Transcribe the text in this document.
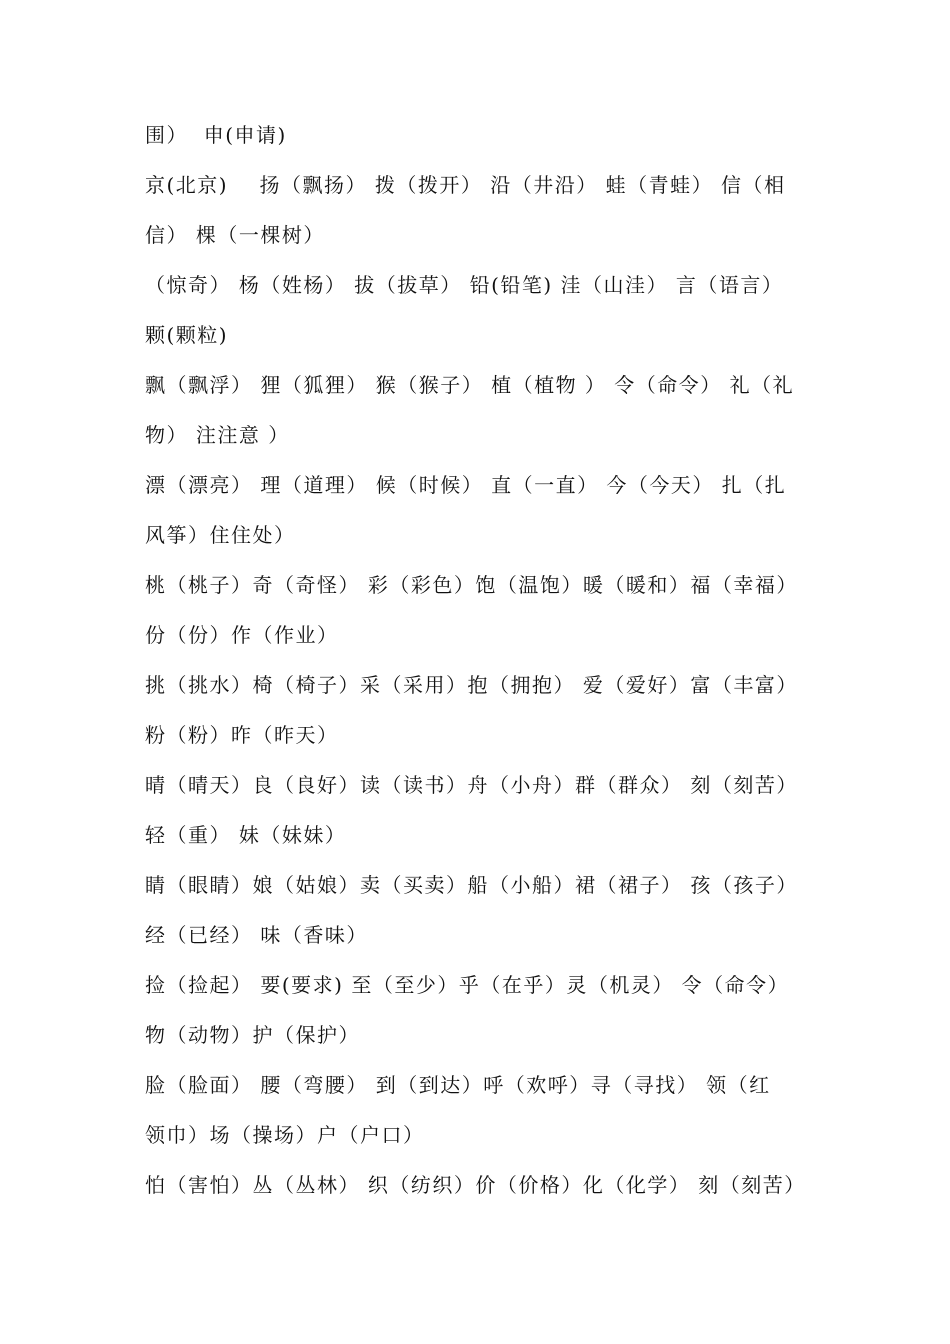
围）  申(申请)

京(北京)    扬（飘扬） 拨（拨开） 沿（井沿） 蛙（青蛙） 信（相

信） 棵（一棵树）

（惊奇） 杨（姓杨） 拔（拔草） 铅(铅笔) 洼（山洼） 言（语言）

颗(颗粒)

飘（飘浮） 狸（狐狸） 猴（猴子） 植（植物 ） 令（命令） 礼（礼

物） 注注意 ）

漂（漂亮） 理（道理） 候（时候） 直（一直） 今（今天） 扎（扎

风筝）住住处）

桃（桃子）奇（奇怪） 彩（彩色）饱（温饱）暖（暖和）福（幸福）

份（份）作（作业）

挑（挑水）椅（椅子）采（采用）抱（拥抱） 爱（爱好）富（丰富）

粉（粉）昨（昨天）

晴（晴天）良（良好）读（读书）舟（小舟）群（群众） 刻（刻苦）

轻（重） 妹（妹妹）

睛（眼睛）娘（姑娘）卖（买卖）船（小船）裙（裙子） 孩（孩子）

经（已经） 味（香味）

捡（捡起） 要(要求) 至（至少）乎（在乎）灵（机灵） 令（命令）

物（动物）护（保护）

脸（脸面） 腰（弯腰） 到（到达）呼（欢呼）寻（寻找） 领（红

领巾）场（操场）户（户口）

怕（害怕）丛（丛林） 织（纺织）价（价格）化（化学） 刻（刻苦）
